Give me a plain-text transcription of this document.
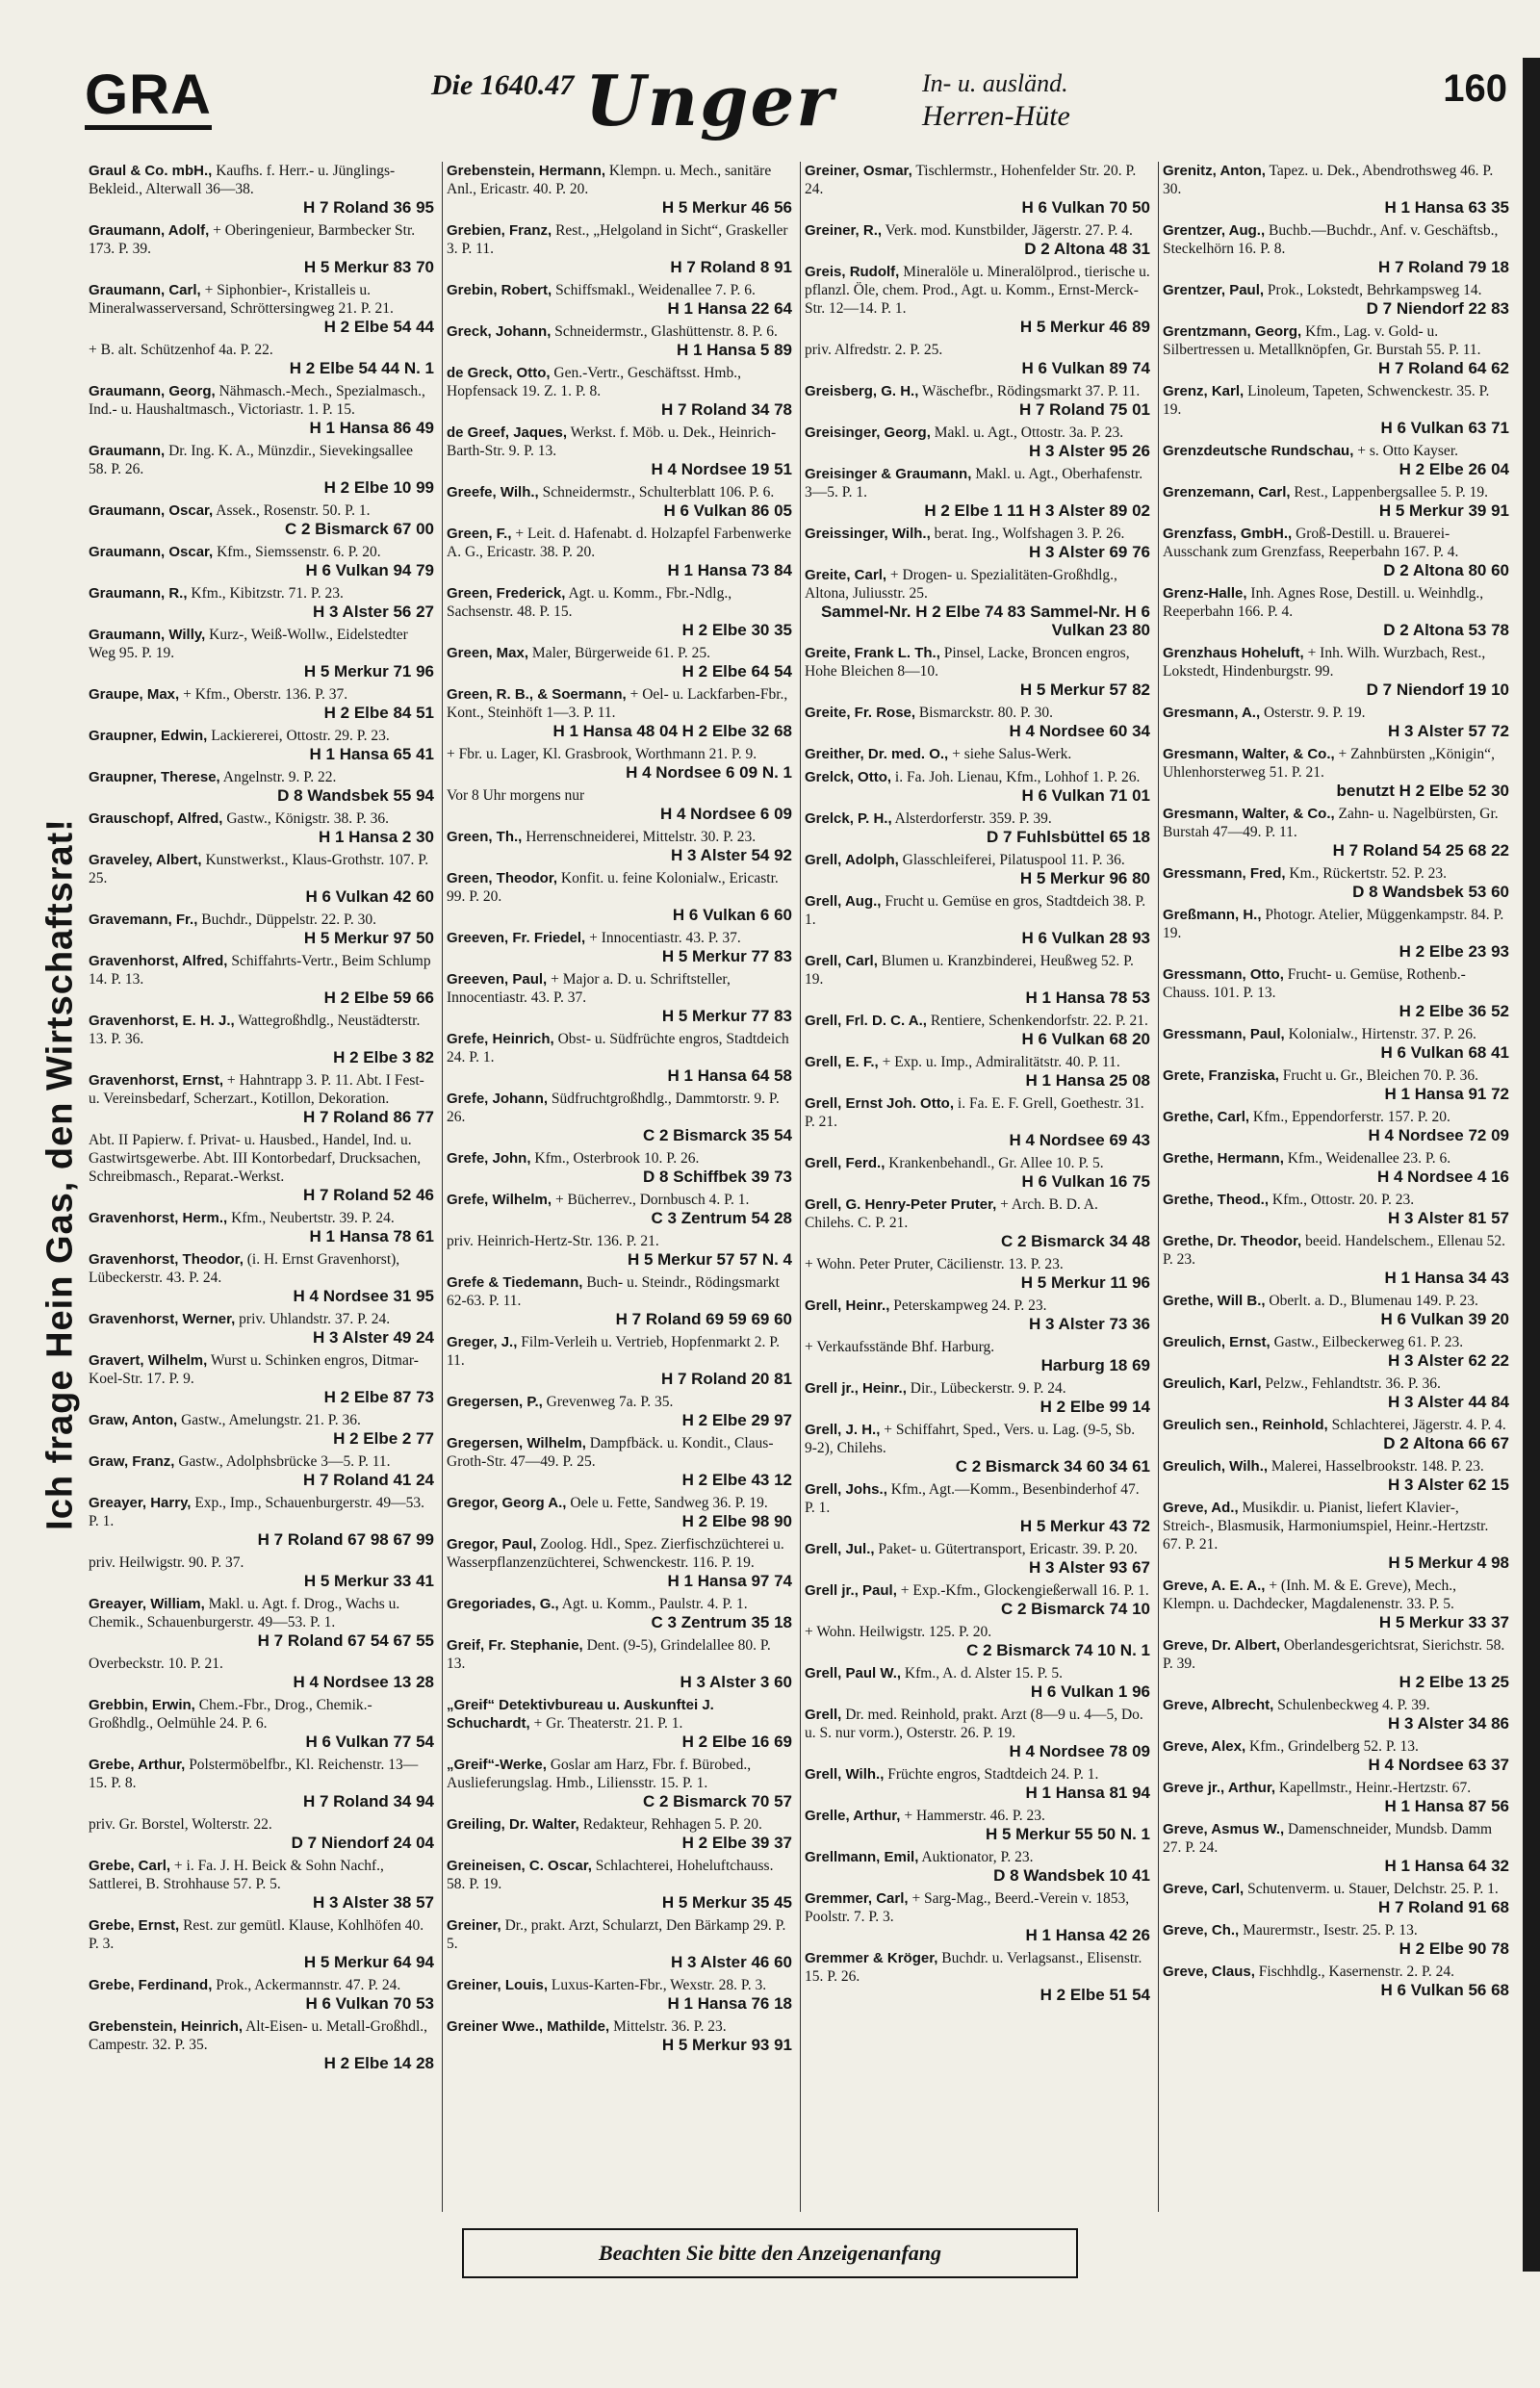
GRA	Die 1640.47 Unger	In- u. ausländ.
Herren-Hüte
160
Ich frage Hein Gas, den Wirtschaftsrat!
Graul & Co. mbH., Kaufhs. f. Herr.- u. Jünglings-Bekleid., Alterwall 36—38.
H 7 Roland 36 95
Graumann, Adolf, + Oberingenieur, Barmbecker Str. 173. P. 39.
H 5 Merkur 83 70
Graumann, Carl, + Siphonbier-, Kristalleis u. Mineralwasserversand, Schröttersingweg 21. P. 21.
H 2 Elbe 54 44
+ B. alt. Schützenhof 4a. P. 22.
H 2 Elbe 54 44 N. 1
Graumann, Georg, Nähmasch.-Mech., Spezialmasch., Ind.- u. Haushaltmasch., Victoriastr. 1. P. 15.
H 1 Hansa 86 49
Graumann, Dr. Ing. K. A., Münzdir., Sievekingsallee 58. P. 26.
H 2 Elbe 10 99
Graumann, Oscar, Assek., Rosenstr. 50. P. 1.
C 2 Bismarck 67 00
Graumann, Oscar, Kfm., Siemssenstr. 6. P. 20.
H 6 Vulkan 94 79
Graumann, R., Kfm., Kibitzstr. 71. P. 23.
H 3 Alster 56 27
Graumann, Willy, Kurz-, Weiß-Wollw., Eidelstedter Weg 95. P. 19.
H 5 Merkur 71 96
Graupe, Max, + Kfm., Oberstr. 136. P. 37.
H 2 Elbe 84 51
Graupner, Edwin, Lackiererei, Ottostr. 29. P. 23.
H 1 Hansa 65 41
Graupner, Therese, Angelnstr. 9. P. 22.
D 8 Wandsbek 55 94
Grauschopf, Alfred, Gastw., Königstr. 38. P. 36.
H 1 Hansa 2 30
Graveley, Albert, Kunstwerkst., Klaus-Grothstr. 107. P. 25.
H 6 Vulkan 42 60
Gravemann, Fr., Buchdr., Düppelstr. 22. P. 30.
H 5 Merkur 97 50
Gravenhorst, Alfred, Schiffahrts-Vertr., Beim Schlump 14. P. 13.
H 2 Elbe 59 66
Gravenhorst, E. H. J., Wattegroßhdlg., Neustädterstr. 13. P. 36.
H 2 Elbe 3 82
Gravenhorst, Ernst, + Hahntrapp 3. P. 11. Abt. I Fest- u. Vereinsbedarf, Scherzart., Kotillon, Dekoration.
H 7 Roland 86 77
Abt. II Papierw. f. Privat- u. Hausbed., Handel, Ind. u. Gastwirtsgewerbe. Abt. III Kontorbedarf, Drucksachen, Schreibmasch., Reparat.-Werkst.
H 7 Roland 52 46
Gravenhorst, Herm., Kfm., Neubertstr. 39. P. 24.
H 1 Hansa 78 61
Gravenhorst, Theodor, (i. H. Ernst Gravenhorst), Lübeckerstr. 43. P. 24.
H 4 Nordsee 31 95
Gravenhorst, Werner, priv. Uhlandstr. 37. P. 24.
H 3 Alster 49 24
Gravert, Wilhelm, Wurst u. Schinken engros, Ditmar-Koel-Str. 17. P. 9.
H 2 Elbe 87 73
Graw, Anton, Gastw., Amelungstr. 21. P. 36.
H 2 Elbe 2 77
Graw, Franz, Gastw., Adolphsbrücke 3—5. P. 11.
H 7 Roland 41 24
Greayer, Harry, Exp., Imp., Schauenburgerstr. 49—53. P. 1.
H 7 Roland 67 98 67 99
priv. Heilwigstr. 90. P. 37.
H 5 Merkur 33 41
Greayer, William, Makl. u. Agt. f. Drog., Wachs u. Chemik., Schauenburgerstr. 49—53. P. 1.
H 7 Roland 67 54 67 55
Overbeckstr. 10. P. 21.
H 4 Nordsee 13 28
Grebbin, Erwin, Chem.-Fbr., Drog., Chemik.-Großhdlg., Oelmühle 24. P. 6.
H 6 Vulkan 77 54
Grebe, Arthur, Polstermöbelfbr., Kl. Reichenstr. 13—15. P. 8.
H 7 Roland 34 94
priv. Gr. Borstel, Wolterstr. 22.
D 7 Niendorf 24 04
Grebe, Carl, + i. Fa. J. H. Beick & Sohn Nachf., Sattlerei, B. Strohhause 57. P. 5.
H 3 Alster 38 57
Grebe, Ernst, Rest. zur gemütl. Klause, Kohlhöfen 40. P. 3.
H 5 Merkur 64 94
Grebe, Ferdinand, Prok., Ackermannstr. 47. P. 24.
H 6 Vulkan 70 53
Grebenstein, Heinrich, Alt-Eisen- u. Metall-Großhdl., Campestr. 32. P. 35.
H 2 Elbe 14 28
Grebenstein, Hermann, Klempn. u. Mech., sanitäre Anl., Ericastr. 40. P. 20.
H 5 Merkur 46 56
Grebien, Franz, Rest., „Helgoland in Sicht“, Graskeller 3. P. 11.
H 7 Roland 8 91
Grebin, Robert, Schiffsmakl., Weidenallee 7. P. 6.
H 1 Hansa 22 64
Greck, Johann, Schneidermstr., Glashüttenstr. 8. P. 6.
H 1 Hansa 5 89
de Greck, Otto, Gen.-Vertr., Geschäftsst. Hmb., Hopfensack 19. Z. 1. P. 8.
H 7 Roland 34 78
de Greef, Jaques, Werkst. f. Möb. u. Dek., Heinrich-Barth-Str. 9. P. 13.
H 4 Nordsee 19 51
Greefe, Wilh., Schneidermstr., Schulterblatt 106. P. 6.
H 6 Vulkan 86 05
Green, F., + Leit. d. Hafenabt. d. Holzapfel Farbenwerke A. G., Ericastr. 38. P. 20.
H 1 Hansa 73 84
Green, Frederick, Agt. u. Komm., Fbr.-Ndlg., Sachsenstr. 48. P. 15.
H 2 Elbe 30 35
Green, Max, Maler, Bürgerweide 61. P. 25.
H 2 Elbe 64 54
Green, R. B., & Soermann, + Oel- u. Lackfarben-Fbr., Kont., Steinhöft 1—3. P. 11.
H 1 Hansa 48 04 H 2 Elbe 32 68
+ Fbr. u. Lager, Kl. Grasbrook, Worthmann 21. P. 9.
H 4 Nordsee 6 09 N. 1
Vor 8 Uhr morgens nur
H 4 Nordsee 6 09
Green, Th., Herrenschneiderei, Mittelstr. 30. P. 23.
H 3 Alster 54 92
Green, Theodor, Konfit. u. feine Kolonialw., Ericastr. 99. P. 20.
H 6 Vulkan 6 60
Greeven, Fr. Friedel, + Innocentiastr. 43. P. 37.
H 5 Merkur 77 83
Greeven, Paul, + Major a. D. u. Schriftsteller, Innocentiastr. 43. P. 37.
H 5 Merkur 77 83
Grefe, Heinrich, Obst- u. Südfrüchte engros, Stadtdeich 24. P. 1.
H 1 Hansa 64 58
Grefe, Johann, Südfruchtgroßhdlg., Dammtorstr. 9. P. 26.
C 2 Bismarck 35 54
Grefe, John, Kfm., Osterbrook 10. P. 26.
D 8 Schiffbek 39 73
Grefe, Wilhelm, + Bücherrev., Dornbusch 4. P. 1.
C 3 Zentrum 54 28
priv. Heinrich-Hertz-Str. 136. P. 21.
H 5 Merkur 57 57 N. 4
Grefe & Tiedemann, Buch- u. Steindr., Rödingsmarkt 62-63. P. 11.
H 7 Roland 69 59 69 60
Greger, J., Film-Verleih u. Vertrieb, Hopfenmarkt 2. P. 11.
H 7 Roland 20 81
Gregersen, P., Grevenweg 7a. P. 35.
H 2 Elbe 29 97
Gregersen, Wilhelm, Dampfbäck. u. Kondit., Claus-Groth-Str. 47—49. P. 25.
H 2 Elbe 43 12
Gregor, Georg A., Oele u. Fette, Sandweg 36. P. 19.
H 2 Elbe 98 90
Gregor, Paul, Zoolog. Hdl., Spez. Zierfischzüchterei u. Wasserpflanzenzüchterei, Schwenckestr. 116. P. 19.
H 1 Hansa 97 74
Gregoriades, G., Agt. u. Komm., Paulstr. 4. P. 1.
C 3 Zentrum 35 18
Greif, Fr. Stephanie, Dent. (9-5), Grindelallee 80. P. 13.
H 3 Alster 3 60
„Greif“ Detektivbureau u. Auskunftei J. Schuchardt, + Gr. Theaterstr. 21. P. 1.
H 2 Elbe 16 69
„Greif“-Werke, Goslar am Harz, Fbr. f. Bürobed., Auslieferungslag. Hmb., Liliensstr. 15. P. 1.
C 2 Bismarck 70 57
Greiling, Dr. Walter, Redakteur, Rehhagen 5. P. 20.
H 2 Elbe 39 37
Greineisen, C. Oscar, Schlachterei, Hoheluftchauss. 58. P. 19.
H 5 Merkur 35 45
Greiner, Dr., prakt. Arzt, Schularzt, Den Bärkamp 29. P. 5.
H 3 Alster 46 60
Greiner, Louis, Luxus-Karten-Fbr., Wexstr. 28. P. 3.
H 1 Hansa 76 18
Greiner Wwe., Mathilde, Mittelstr. 36. P. 23.
H 5 Merkur 93 91
Greiner, Osmar, Tischlermstr., Hohenfelder Str. 20. P. 24.
H 6 Vulkan 70 50
Greiner, R., Verk. mod. Kunstbilder, Jägerstr. 27. P. 4.
D 2 Altona 48 31
Greis, Rudolf, Mineralöle u. Mineralölprod., tierische u. pflanzl. Öle, chem. Prod., Agt. u. Komm., Ernst-Merck-Str. 12—14. P. 1.
H 5 Merkur 46 89
priv. Alfredstr. 2. P. 25.
H 6 Vulkan 89 74
Greisberg, G. H., Wäschefbr., Rödingsmarkt 37. P. 11.
H 7 Roland 75 01
Greisinger, Georg, Makl. u. Agt., Ottostr. 3a. P. 23.
H 3 Alster 95 26
Greisinger & Graumann, Makl. u. Agt., Oberhafenstr. 3—5. P. 1.
H 2 Elbe 1 11 H 3 Alster 89 02
Greissinger, Wilh., berat. Ing., Wolfshagen 3. P. 26.
H 3 Alster 69 76
Greite, Carl, + Drogen- u. Spezialitäten-Großhdlg., Altona, Juliusstr. 25.
Sammel-Nr. H 2 Elbe 74 83 Sammel-Nr. H 6 Vulkan 23 80
Greite, Frank L. Th., Pinsel, Lacke, Broncen engros, Hohe Bleichen 8—10.
H 5 Merkur 57 82
Greite, Fr. Rose, Bismarckstr. 80. P. 30.
H 4 Nordsee 60 34
Greither, Dr. med. O., + siehe Salus-Werk.
Grelck, Otto, i. Fa. Joh. Lienau, Kfm., Lohhof 1. P. 26.
H 6 Vulkan 71 01
Grelck, P. H., Alsterdorferstr. 359. P. 39.
D 7 Fuhlsbüttel 65 18
Grell, Adolph, Glasschleiferei, Pilatuspool 11. P. 36.
H 5 Merkur 96 80
Grell, Aug., Frucht u. Gemüse en gros, Stadtdeich 38. P. 1.
H 6 Vulkan 28 93
Grell, Carl, Blumen u. Kranzbinderei, Heußweg 52. P. 19.
H 1 Hansa 78 53
Grell, Frl. D. C. A., Rentiere, Schenkendorfstr. 22. P. 21.
H 6 Vulkan 68 20
Grell, E. F., + Exp. u. Imp., Admiralitätstr. 40. P. 11.
H 1 Hansa 25 08
Grell, Ernst Joh. Otto, i. Fa. E. F. Grell, Goethestr. 31. P. 21.
H 4 Nordsee 69 43
Grell, Ferd., Krankenbehandl., Gr. Allee 10. P. 5.
H 6 Vulkan 16 75
Grell, G. Henry-Peter Pruter, + Arch. B. D. A. Chilehs. C. P. 21.
C 2 Bismarck 34 48
+ Wohn. Peter Pruter, Cäcilienstr. 13. P. 23.
H 5 Merkur 11 96
Grell, Heinr., Peterskampweg 24. P. 23.
H 3 Alster 73 36
+ Verkaufsstände Bhf. Harburg.
Harburg 18 69
Grell jr., Heinr., Dir., Lübeckerstr. 9. P. 24.
H 2 Elbe 99 14
Grell, J. H., + Schiffahrt, Sped., Vers. u. Lag. (9-5, Sb. 9-2), Chilehs.
C 2 Bismarck 34 60 34 61
Grell, Johs., Kfm., Agt.—Komm., Besenbinderhof 47. P. 1.
H 5 Merkur 43 72
Grell, Jul., Paket- u. Gütertransport, Ericastr. 39. P. 20.
H 3 Alster 93 67
Grell jr., Paul, + Exp.-Kfm., Glockengießerwall 16. P. 1.
C 2 Bismarck 74 10
+ Wohn. Heilwigstr. 125. P. 20.
C 2 Bismarck 74 10 N. 1
Grell, Paul W., Kfm., A. d. Alster 15. P. 5.
H 6 Vulkan 1 96
Grell, Dr. med. Reinhold, prakt. Arzt (8—9 u. 4—5, Do. u. S. nur vorm.), Osterstr. 26. P. 19.
H 4 Nordsee 78 09
Grell, Wilh., Früchte engros, Stadtdeich 24. P. 1.
H 1 Hansa 81 94
Grelle, Arthur, + Hammerstr. 46. P. 23.
H 5 Merkur 55 50 N. 1
Grellmann, Emil, Auktionator, P. 23.
D 8 Wandsbek 10 41
Gremmer, Carl, + Sarg-Mag., Beerd.-Verein v. 1853, Poolstr. 7. P. 3.
H 1 Hansa 42 26
Gremmer & Kröger, Buchdr. u. Verlagsanst., Elisenstr. 15. P. 26.
H 2 Elbe 51 54
Grenitz, Anton, Tapez. u. Dek., Abendrothsweg 46. P. 30.
H 1 Hansa 63 35
Grentzer, Aug., Buchb.—Buchdr., Anf. v. Geschäftsb., Steckelhörn 16. P. 8.
H 7 Roland 79 18
Grentzer, Paul, Prok., Lokstedt, Behrkampsweg 14.
D 7 Niendorf 22 83
Grentzmann, Georg, Kfm., Lag. v. Gold- u. Silbertressen u. Metallknöpfen, Gr. Burstah 55. P. 11.
H 7 Roland 64 62
Grenz, Karl, Linoleum, Tapeten, Schwenckestr. 35. P. 19.
H 6 Vulkan 63 71
Grenzdeutsche Rundschau, + s. Otto Kayser.
H 2 Elbe 26 04
Grenzemann, Carl, Rest., Lappenbergsallee 5. P. 19.
H 5 Merkur 39 91
Grenzfass, GmbH., Groß-Destill. u. Brauerei-Ausschank zum Grenzfass, Reeperbahn 167. P. 4.
D 2 Altona 80 60
Grenz-Halle, Inh. Agnes Rose, Destill. u. Weinhdlg., Reeperbahn 166. P. 4.
D 2 Altona 53 78
Grenzhaus Hoheluft, + Inh. Wilh. Wurzbach, Rest., Lokstedt, Hindenburgstr. 99.
D 7 Niendorf 19 10
Gresmann, A., Osterstr. 9. P. 19.
H 3 Alster 57 72
Gresmann, Walter, & Co., + Zahnbürsten „Königin“, Uhlenhorsterweg 51. P. 21.
benutzt H 2 Elbe 52 30
Gresmann, Walter, & Co., Zahn- u. Nagelbürsten, Gr. Burstah 47—49. P. 11.
H 7 Roland 54 25 68 22
Gressmann, Fred, Km., Rückertstr. 52. P. 23.
D 8 Wandsbek 53 60
Greßmann, H., Photogr. Atelier, Müggenkampstr. 84. P. 19.
H 2 Elbe 23 93
Gressmann, Otto, Frucht- u. Gemüse, Rothenb.-Chauss. 101. P. 13.
H 2 Elbe 36 52
Gressmann, Paul, Kolonialw., Hirtenstr. 37. P. 26.
H 6 Vulkan 68 41
Grete, Franziska, Frucht u. Gr., Bleichen 70. P. 36.
H 1 Hansa 91 72
Grethe, Carl, Kfm., Eppendorferstr. 157. P. 20.
H 4 Nordsee 72 09
Grethe, Hermann, Kfm., Weidenallee 23. P. 6.
H 4 Nordsee 4 16
Grethe, Theod., Kfm., Ottostr. 20. P. 23.
H 3 Alster 81 57
Grethe, Dr. Theodor, beeid. Handelschem., Ellenau 52. P. 23.
H 1 Hansa 34 43
Grethe, Will B., Oberlt. a. D., Blumenau 149. P. 23.
H 6 Vulkan 39 20
Greulich, Ernst, Gastw., Eilbeckerweg 61. P. 23.
H 3 Alster 62 22
Greulich, Karl, Pelzw., Fehlandtstr. 36. P. 36.
H 3 Alster 44 84
Greulich sen., Reinhold, Schlachterei, Jägerstr. 4. P. 4.
D 2 Altona 66 67
Greulich, Wilh., Malerei, Hasselbrookstr. 148. P. 23.
H 3 Alster 62 15
Greve, Ad., Musikdir. u. Pianist, liefert Klavier-, Streich-, Blasmusik, Harmoniumspiel, Heinr.-Hertzstr. 67. P. 21.
H 5 Merkur 4 98
Greve, A. E. A., + (Inh. M. & E. Greve), Mech., Klempn. u. Dachdecker, Magdalenenstr. 33. P. 5.
H 5 Merkur 33 37
Greve, Dr. Albert, Oberlandesgerichtsrat, Sierichstr. 58. P. 39.
H 2 Elbe 13 25
Greve, Albrecht, Schulenbeckweg 4. P. 39.
H 3 Alster 34 86
Greve, Alex, Kfm., Grindelberg 52. P. 13.
H 4 Nordsee 63 37
Greve jr., Arthur, Kapellmstr., Heinr.-Hertzstr. 67.
H 1 Hansa 87 56
Greve, Asmus W., Damenschneider, Mundsb. Damm 27. P. 24.
H 1 Hansa 64 32
Greve, Carl, Schutenverm. u. Stauer, Delchstr. 25. P. 1.
H 7 Roland 91 68
Greve, Ch., Maurermstr., Isestr. 25. P. 13.
H 2 Elbe 90 78
Greve, Claus, Fischhdlg., Kasernenstr. 2. P. 24.
H 6 Vulkan 56 68
Beachten Sie bitte den Anzeigenanfang
